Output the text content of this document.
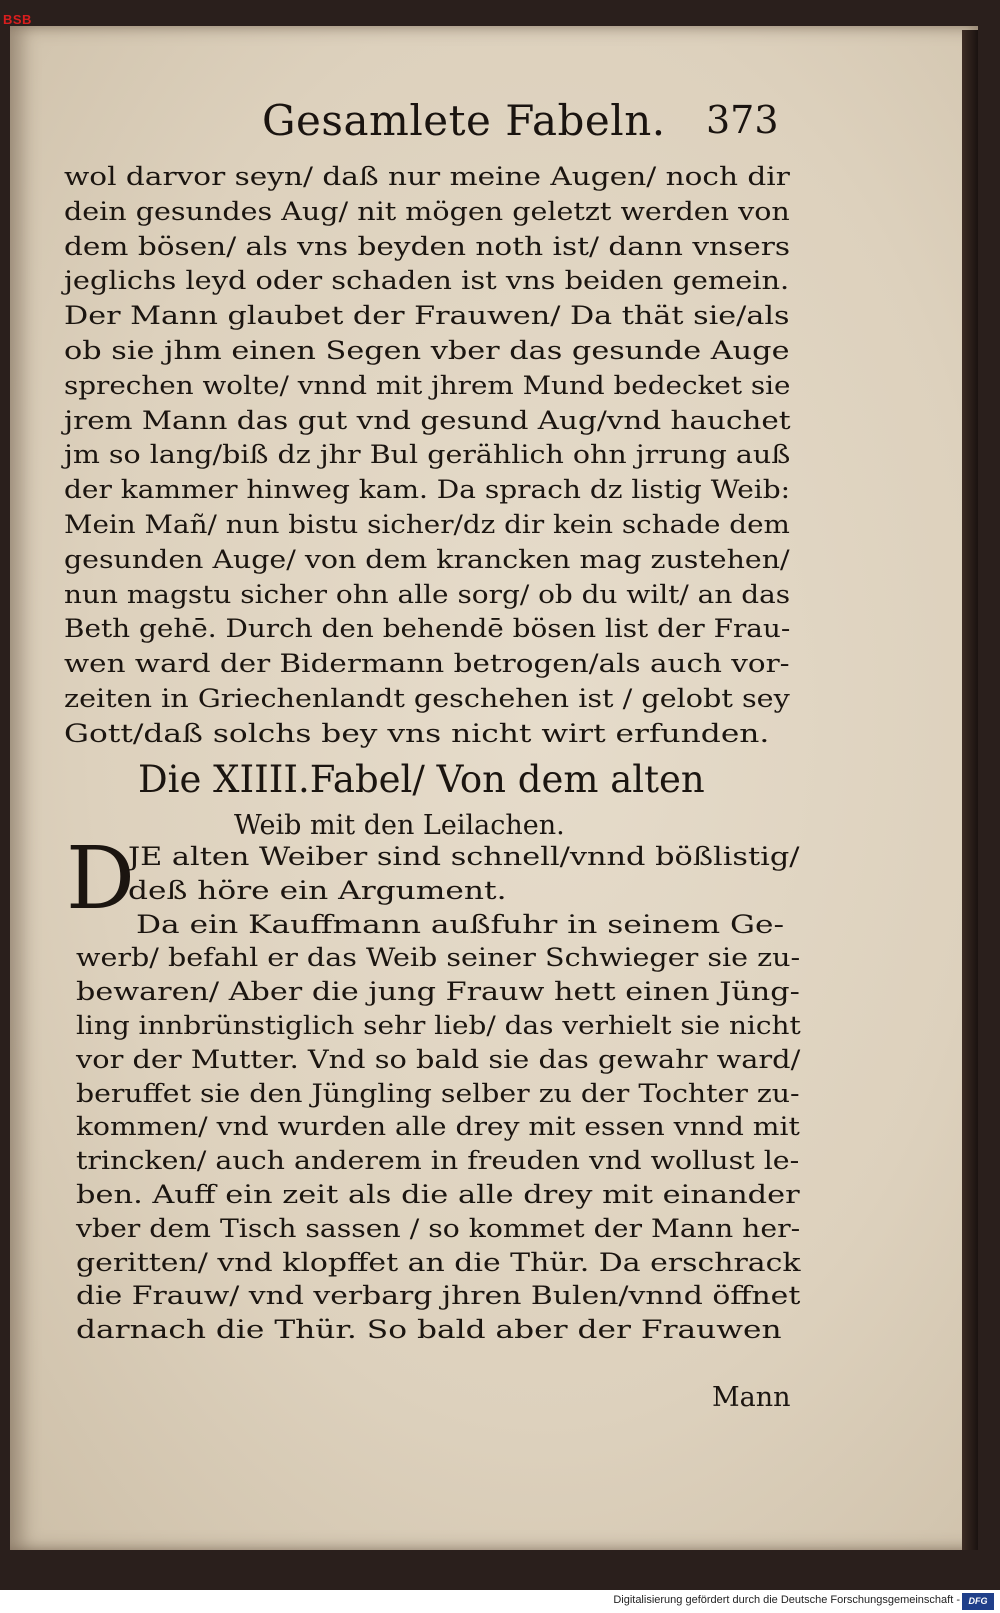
BSB
Gesamlete Fabeln. 373
wol darvor seyn/ daß nur meine Augen/ noch dir
dein gesundes Aug/ nit mögen geletzt werden von
dem bösen/ als vns beyden noth ist/ dann vnsers
jeglichs leyd oder schaden ist vns beiden gemein.
Der Mann glaubet der Frauwen/ Da thät sie/als
ob sie jhm einen Segen vber das gesunde Auge
sprechen wolte/ vnnd mit jhrem Mund bedecket sie
jrem Mann das gut vnd gesund Aug/vnd hauchet
jm so lang/biß dz jhr Bul gerählich ohn jrrung auß
der kammer hinweg kam. Da sprach dz listig Weib:
Mein Mañ/ nun bistu sicher/dz dir kein schade dem
gesunden Auge/ von dem krancken mag zustehen/
nun magstu sicher ohn alle sorg/ ob du wilt/ an das
Beth gehē. Durch den behendē bösen list der Frau-
wen ward der Bidermann betrogen/als auch vor-
zeiten in Griechenlandt geschehen ist / gelobt sey
Gott/daß solchs bey vns nicht wirt erfunden.
Die XIIII.Fabel/ Von dem alten
Weib mit den Leilachen.
D
JE alten Weiber sind schnell/vnnd bößlistig/
deß höre ein Argument.
Da ein Kauffmann außfuhr in seinem Ge-
werb/ befahl er das Weib seiner Schwieger sie zu-
bewaren/ Aber die jung Frauw hett einen Jüng-
ling innbrünstiglich sehr lieb/ das verhielt sie nicht
vor der Mutter. Vnd so bald sie das gewahr ward/
beruffet sie den Jüngling selber zu der Tochter zu-
kommen/ vnd wurden alle drey mit essen vnnd mit
trincken/ auch anderem in freuden vnd wollust le-
ben. Auff ein zeit als die alle drey mit einander
vber dem Tisch sassen / so kommet der Mann her-
geritten/ vnd klopffet an die Thür. Da erschrack
die Frauw/ vnd verbarg jhren Bulen/vnnd öffnet
darnach die Thür. So bald aber der Frauwen
Mann
Digitalisierung gefördert durch die Deutsche Forschungsgemeinschaft - DFG
